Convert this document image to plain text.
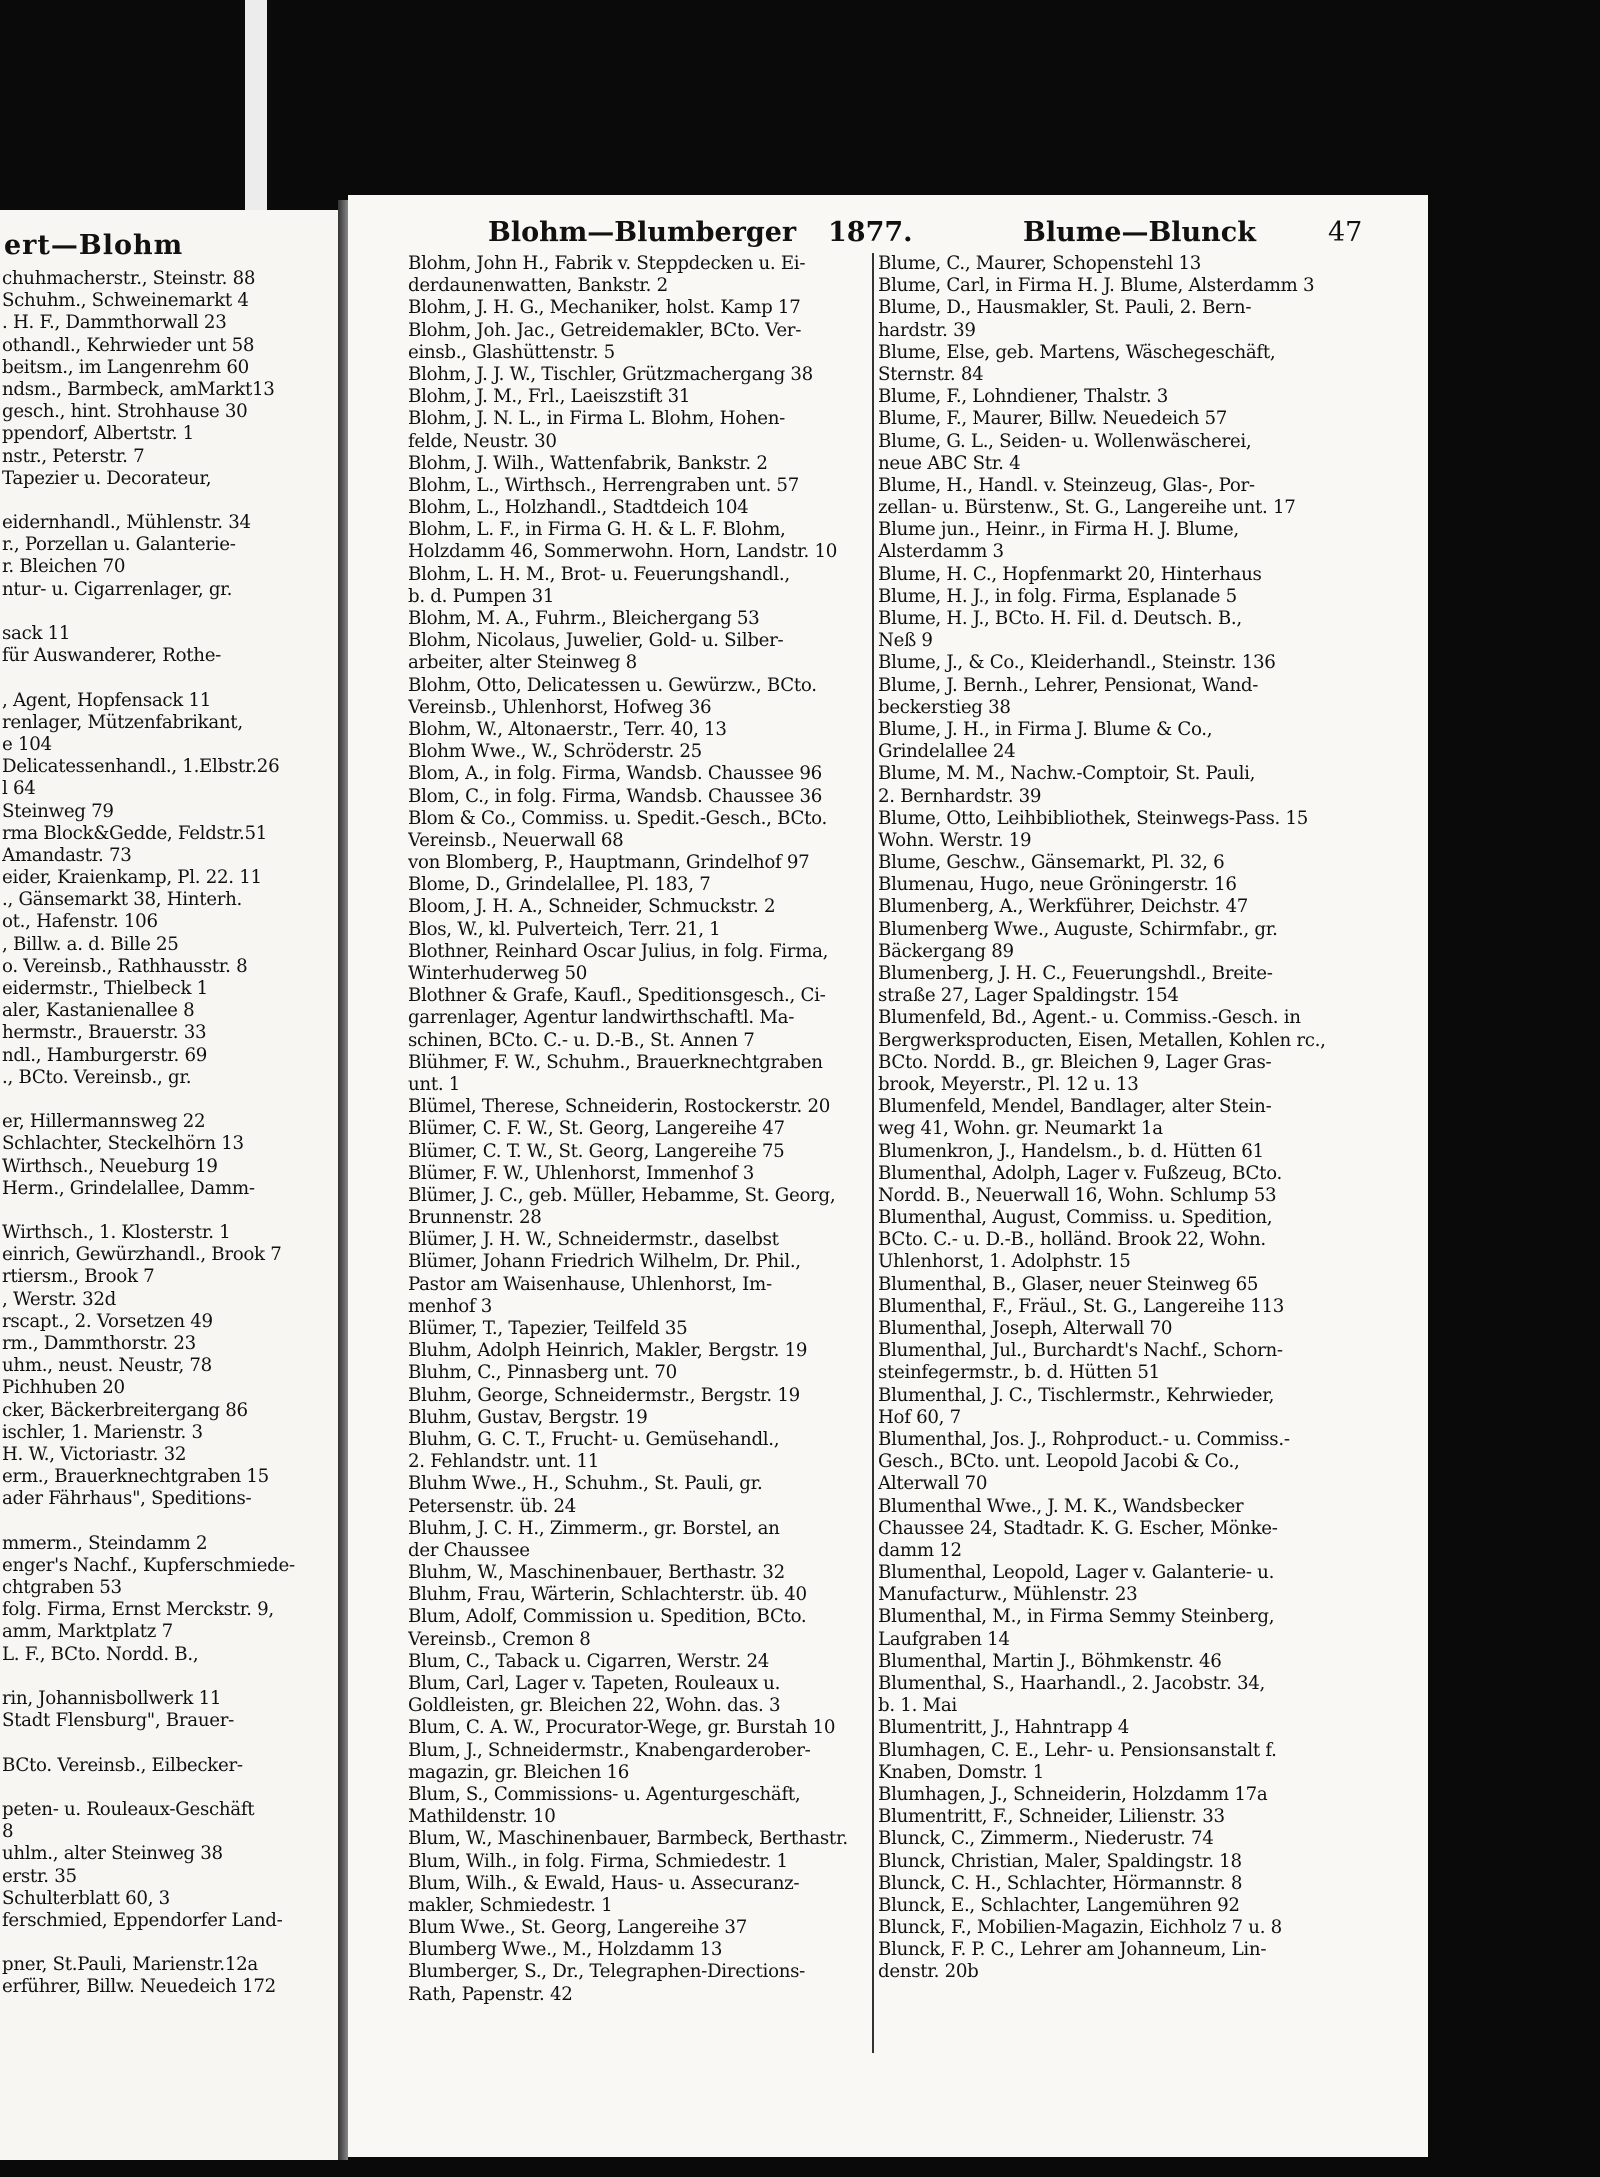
ert—Blohm
chuhmacherstr., Steinstr. 88
Schuhm., Schweinemarkt 4
. H. F., Dammthorwall 23
othandl., Kehrwieder unt 58
beitsm., im Langenrehm 60
ndsm., Barmbeck, amMarkt13
gesch., hint. Strohhause 30
ppendorf, Albertstr. 1
nstr., Peterstr. 7
Tapezier u. Decorateur,
eidernhandl., Mühlenstr. 34
r., Porzellan u. Galanterie-
r. Bleichen 70
ntur- u. Cigarrenlager, gr.
sack 11
für Auswanderer, Rothe-
, Agent, Hopfensack 11
renlager, Mützenfabrikant,
e 104
Delicatessenhandl., 1.Elbstr.26
l 64
Steinweg 79
rma Block&Gedde, Feldstr.51
Amandastr. 73
eider, Kraienkamp, Pl. 22. 11
., Gänsemarkt 38, Hinterh.
ot., Hafenstr. 106
, Billw. a. d. Bille 25
o. Vereinsb., Rathhausstr. 8
eidermstr., Thielbeck 1
aler, Kastanienallee 8
hermstr., Brauerstr. 33
ndl., Hamburgerstr. 69
., BCto. Vereinsb., gr.
er, Hillermannsweg 22
Schlachter, Steckelhörn 13
Wirthsch., Neueburg 19
Herm., Grindelallee, Damm-
Wirthsch., 1. Klosterstr. 1
einrich, Gewürzhandl., Brook 7
rtiersm., Brook 7
, Werstr. 32d
rscapt., 2. Vorsetzen 49
rm., Dammthorstr. 23
uhm., neust. Neustr, 78
Pichhuben 20
cker, Bäckerbreitergang 86
ischler, 1. Marienstr. 3
H. W., Victoriastr. 32
erm., Brauerknechtgraben 15
ader Fährhaus", Speditions-
mmerm., Steindamm 2
enger's Nachf., Kupferschmiede-
chtgraben 53
folg. Firma, Ernst Merckstr. 9,
amm, Marktplatz 7
L. F., BCto. Nordd. B.,
rin, Johannisbollwerk 11
Stadt Flensburg", Brauer-
BCto. Vereinsb., Eilbecker-
peten- u. Rouleaux-Geschäft
8
uhlm., alter Steinweg 38
erstr. 35
Schulterblatt 60, 3
ferschmied, Eppendorfer Land-
pner, St.Pauli, Marienstr.12a
erführer, Billw. Neuedeich 172
Blohm—Blumberger 1877.	Blume—Blunck	47
Blohm, John H., Fabrik v. Steppdecken u. Ei-
derdaunenwatten, Bankstr. 2
Blohm, J. H. G., Mechaniker, holst. Kamp 17
Blohm, Joh. Jac., Getreidemakler, BCto. Ver-
einsb., Glashüttenstr. 5
Blohm, J. J. W., Tischler, Grützmachergang 38
Blohm, J. M., Frl., Laeiszstift 31
Blohm, J. N. L., in Firma L. Blohm, Hohen-
felde, Neustr. 30
Blohm, J. Wilh., Wattenfabrik, Bankstr. 2
Blohm, L., Wirthsch., Herrengraben unt. 57
Blohm, L., Holzhandl., Stadtdeich 104
Blohm, L. F., in Firma G. H. & L. F. Blohm,
Holzdamm 46, Sommerwohn. Horn, Landstr. 10
Blohm, L. H. M., Brot- u. Feuerungshandl.,
b. d. Pumpen 31
Blohm, M. A., Fuhrm., Bleichergang 53
Blohm, Nicolaus, Juwelier, Gold- u. Silber-
arbeiter, alter Steinweg 8
Blohm, Otto, Delicatessen u. Gewürzw., BCto.
Vereinsb., Uhlenhorst, Hofweg 36
Blohm, W., Altonaerstr., Terr. 40, 13
Blohm Wwe., W., Schröderstr. 25
Blom, A., in folg. Firma, Wandsb. Chaussee 96
Blom, C., in folg. Firma, Wandsb. Chaussee 36
Blom & Co., Commiss. u. Spedit.-Gesch., BCto.
Vereinsb., Neuerwall 68
von Blomberg, P., Hauptmann, Grindelhof 97
Blome, D., Grindelallee, Pl. 183, 7
Bloom, J. H. A., Schneider, Schmuckstr. 2
Blos, W., kl. Pulverteich, Terr. 21, 1
Blothner, Reinhard Oscar Julius, in folg. Firma,
Winterhuderweg 50
Blothner & Grafe, Kaufl., Speditionsgesch., Ci-
garrenlager, Agentur landwirthschaftl. Ma-
schinen, BCto. C.- u. D.-B., St. Annen 7
Blühmer, F. W., Schuhm., Brauerknechtgraben
unt. 1
Blümel, Therese, Schneiderin, Rostockerstr. 20
Blümer, C. F. W., St. Georg, Langereihe 47
Blümer, C. T. W., St. Georg, Langereihe 75
Blümer, F. W., Uhlenhorst, Immenhof 3
Blümer, J. C., geb. Müller, Hebamme, St. Georg,
Brunnenstr. 28
Blümer, J. H. W., Schneidermstr., daselbst
Blümer, Johann Friedrich Wilhelm, Dr. Phil.,
Pastor am Waisenhause, Uhlenhorst, Im-
menhof 3
Blümer, T., Tapezier, Teilfeld 35
Bluhm, Adolph Heinrich, Makler, Bergstr. 19
Bluhm, C., Pinnasberg unt. 70
Bluhm, George, Schneidermstr., Bergstr. 19
Bluhm, Gustav, Bergstr. 19
Bluhm, G. C. T., Frucht- u. Gemüsehandl.,
2. Fehlandstr. unt. 11
Bluhm Wwe., H., Schuhm., St. Pauli, gr.
Petersenstr. üb. 24
Bluhm, J. C. H., Zimmerm., gr. Borstel, an
der Chaussee
Bluhm, W., Maschinenbauer, Berthastr. 32
Bluhm, Frau, Wärterin, Schlachterstr. üb. 40
Blum, Adolf, Commission u. Spedition, BCto.
Vereinsb., Cremon 8
Blum, C., Taback u. Cigarren, Werstr. 24
Blum, Carl, Lager v. Tapeten, Rouleaux u.
Goldleisten, gr. Bleichen 22, Wohn. das. 3
Blum, C. A. W., Procurator-Wege, gr. Burstah 10
Blum, J., Schneidermstr., Knabengarderober-
magazin, gr. Bleichen 16
Blum, S., Commissions- u. Agenturgeschäft,
Mathildenstr. 10
Blum, W., Maschinenbauer, Barmbeck, Berthastr.
Blum, Wilh., in folg. Firma, Schmiedestr. 1
Blum, Wilh., & Ewald, Haus- u. Assecuranz-
makler, Schmiedestr. 1
Blum Wwe., St. Georg, Langereihe 37
Blumberg Wwe., M., Holzdamm 13
Blumberger, S., Dr., Telegraphen-Directions-
Rath, Papenstr. 42
Blume, C., Maurer, Schopenstehl 13
Blume, Carl, in Firma H. J. Blume, Alsterdamm 3
Blume, D., Hausmakler, St. Pauli, 2. Bern-
hardstr. 39
Blume, Else, geb. Martens, Wäschegeschäft,
Sternstr. 84
Blume, F., Lohndiener, Thalstr. 3
Blume, F., Maurer, Billw. Neuedeich 57
Blume, G. L., Seiden- u. Wollenwäscherei,
neue ABC Str. 4
Blume, H., Handl. v. Steinzeug, Glas-, Por-
zellan- u. Bürstenw., St. G., Langereihe unt. 17
Blume jun., Heinr., in Firma H. J. Blume,
Alsterdamm 3
Blume, H. C., Hopfenmarkt 20, Hinterhaus
Blume, H. J., in folg. Firma, Esplanade 5
Blume, H. J., BCto. H. Fil. d. Deutsch. B.,
Neß 9
Blume, J., & Co., Kleiderhandl., Steinstr. 136
Blume, J. Bernh., Lehrer, Pensionat, Wand-
beckerstieg 38
Blume, J. H., in Firma J. Blume & Co.,
Grindelallee 24
Blume, M. M., Nachw.-Comptoir, St. Pauli,
2. Bernhardstr. 39
Blume, Otto, Leihbibliothek, Steinwegs-Pass. 15
Wohn. Werstr. 19
Blume, Geschw., Gänsemarkt, Pl. 32, 6
Blumenau, Hugo, neue Gröningerstr. 16
Blumenberg, A., Werkführer, Deichstr. 47
Blumenberg Wwe., Auguste, Schirmfabr., gr.
Bäckergang 89
Blumenberg, J. H. C., Feuerungshdl., Breite-
straße 27, Lager Spaldingstr. 154
Blumenfeld, Bd., Agent.- u. Commiss.-Gesch. in
Bergwerksproducten, Eisen, Metallen, Kohlen rc.,
BCto. Nordd. B., gr. Bleichen 9, Lager Gras-
brook, Meyerstr., Pl. 12 u. 13
Blumenfeld, Mendel, Bandlager, alter Stein-
weg 41, Wohn. gr. Neumarkt 1a
Blumenkron, J., Handelsm., b. d. Hütten 61
Blumenthal, Adolph, Lager v. Fußzeug, BCto.
Nordd. B., Neuerwall 16, Wohn. Schlump 53
Blumenthal, August, Commiss. u. Spedition,
BCto. C.- u. D.-B., holländ. Brook 22, Wohn.
Uhlenhorst, 1. Adolphstr. 15
Blumenthal, B., Glaser, neuer Steinweg 65
Blumenthal, F., Fräul., St. G., Langereihe 113
Blumenthal, Joseph, Alterwall 70
Blumenthal, Jul., Burchardt's Nachf., Schorn-
steinfegermstr., b. d. Hütten 51
Blumenthal, J. C., Tischlermstr., Kehrwieder,
Hof 60, 7
Blumenthal, Jos. J., Rohproduct.- u. Commiss.-
Gesch., BCto. unt. Leopold Jacobi & Co.,
Alterwall 70
Blumenthal Wwe., J. M. K., Wandsbecker
Chaussee 24, Stadtadr. K. G. Escher, Mönke-
damm 12
Blumenthal, Leopold, Lager v. Galanterie- u.
Manufacturw., Mühlenstr. 23
Blumenthal, M., in Firma Semmy Steinberg,
Laufgraben 14
Blumenthal, Martin J., Böhmkenstr. 46
Blumenthal, S., Haarhandl., 2. Jacobstr. 34,
b. 1. Mai
Blumentritt, J., Hahntrapp 4
Blumhagen, C. E., Lehr- u. Pensionsanstalt f.
Knaben, Domstr. 1
Blumhagen, J., Schneiderin, Holzdamm 17a
Blumentritt, F., Schneider, Lilienstr. 33
Blunck, C., Zimmerm., Niederustr. 74
Blunck, Christian, Maler, Spaldingstr. 18
Blunck, C. H., Schlachter, Hörmannstr. 8
Blunck, E., Schlachter, Langemühren 92
Blunck, F., Mobilien-Magazin, Eichholz 7 u. 8
Blunck, F. P. C., Lehrer am Johanneum, Lin-
denstr. 20b
